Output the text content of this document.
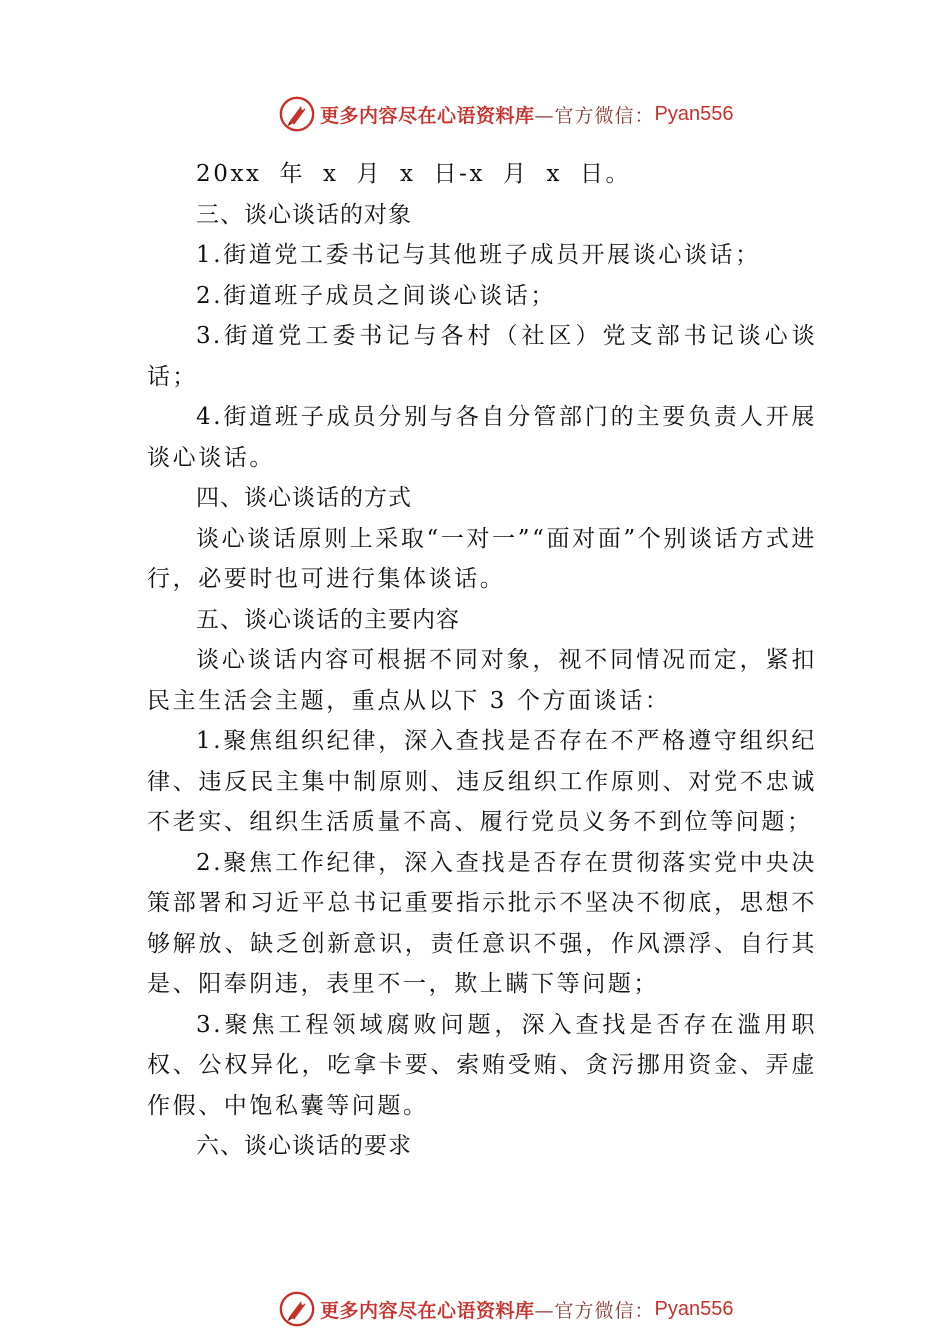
更多内容尽在心语资料库 —官方微信： Pyan556

20xx 年 x 月 x 日-x 月 x 日。

三、谈心谈话的对象

1.街道党工委书记与其他班子成员开展谈心谈话；

2.街道班子成员之间谈心谈话；

3.街道党工委书记与各村（社区）党支部书记谈心谈话；

4.街道班子成员分别与各自分管部门的主要负责人开展谈心谈话。

四、谈心谈话的方式

谈心谈话原则上采取“一对一”“面对面”个别谈话方式进行，必要时也可进行集体谈话。

五、谈心谈话的主要内容

谈心谈话内容可根据不同对象，视不同情况而定，紧扣民主生活会主题，重点从以下 3 个方面谈话：

1.聚焦组织纪律，深入查找是否存在不严格遵守组织纪律、违反民主集中制原则、违反组织工作原则、对党不忠诚不老实、组织生活质量不高、履行党员义务不到位等问题；

2.聚焦工作纪律，深入查找是否存在贯彻落实党中央决策部署和习近平总书记重要指示批示不坚决不彻底，思想不够解放、缺乏创新意识，责任意识不强，作风漂浮、自行其是、阳奉阴违，表里不一，欺上瞒下等问题；

3.聚焦工程领域腐败问题，深入查找是否存在滥用职权、公权异化，吃拿卡要、索贿受贿、贪污挪用资金、弄虚作假、中饱私囊等问题。

六、谈心谈话的要求
更多内容尽在心语资料库 —官方微信： Pyan556
